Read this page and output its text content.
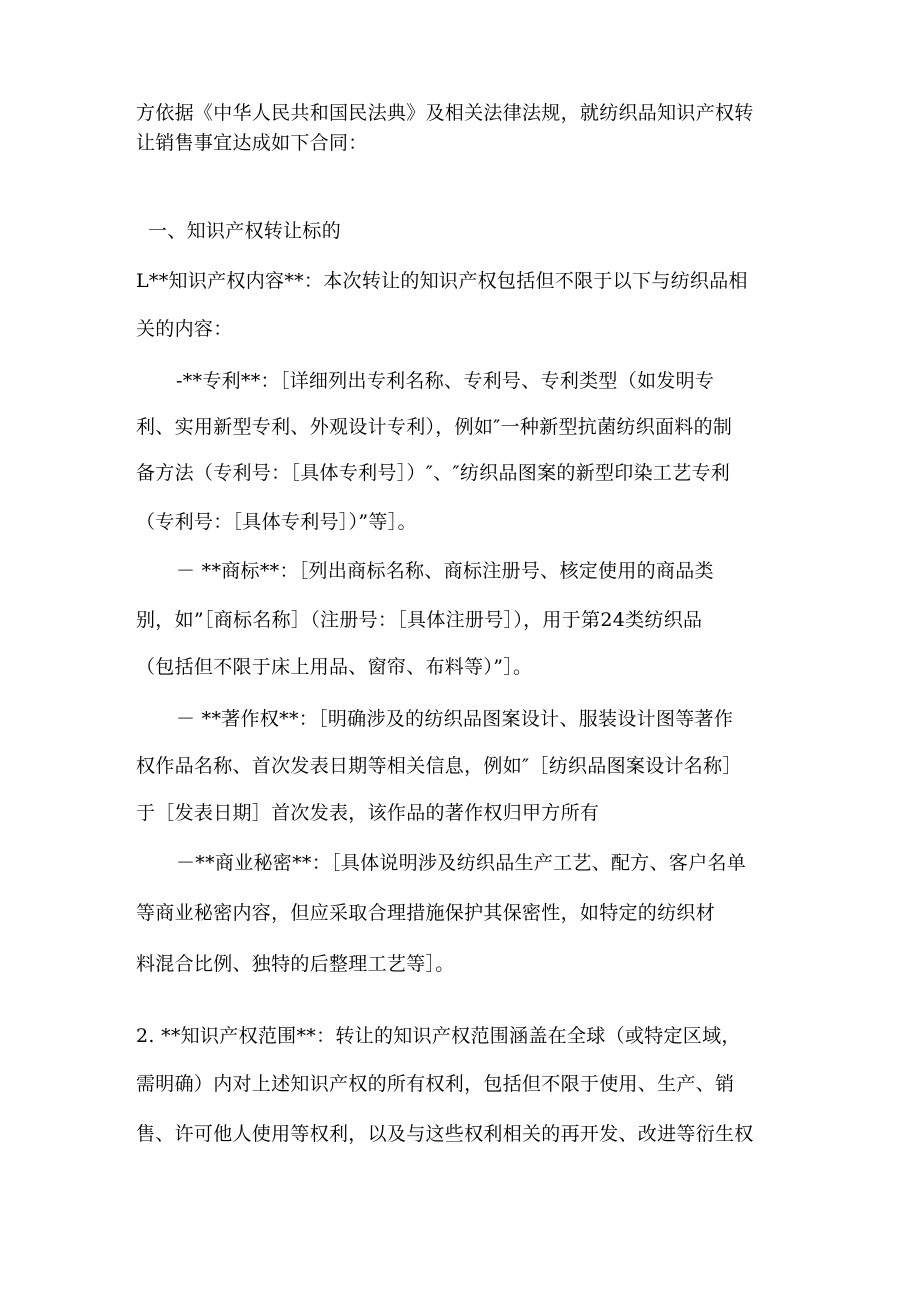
方依据《中华人民共和国民法典》及相关法律法规，就纺织品知识产权转
让销售事宜达成如下合同：
一、知识产权转让标的
L**知识产权内容**：本次转让的知识产权包括但不限于以下与纺织品相
关的内容：
-**专利**：［详细列出专利名称、专利号、专利类型（如发明专
利、实用新型专利、外观设计专利），例如″一种新型抗菌纺织面料的制
备方法（专利号：［具体专利号］）″、″纺织品图案的新型印染工艺专利
（专利号：［具体专利号］）”等］。
－ **商标**：［列出商标名称、商标注册号、核定使用的商品类
别，如”［商标名称］（注册号：［具体注册号］），用于第24类纺织品
（包括但不限于床上用品、窗帘、布料等）”］。
－ **著作权**：［明确涉及的纺织品图案设计、服装设计图等著作
权作品名称、首次发表日期等相关信息，例如″［纺织品图案设计名称］
于［发表日期］首次发表，该作品的著作权归甲方所有
－**商业秘密**：［具体说明涉及纺织品生产工艺、配方、客户名单
等商业秘密内容，但应采取合理措施保护其保密性，如特定的纺织材
料混合比例、独特的后整理工艺等］。
2. **知识产权范围**：转让的知识产权范围涵盖在全球（或特定区域，
需明确）内对上述知识产权的所有权利，包括但不限于使用、生产、销
售、许可他人使用等权利，以及与这些权利相关的再开发、改进等衍生权
